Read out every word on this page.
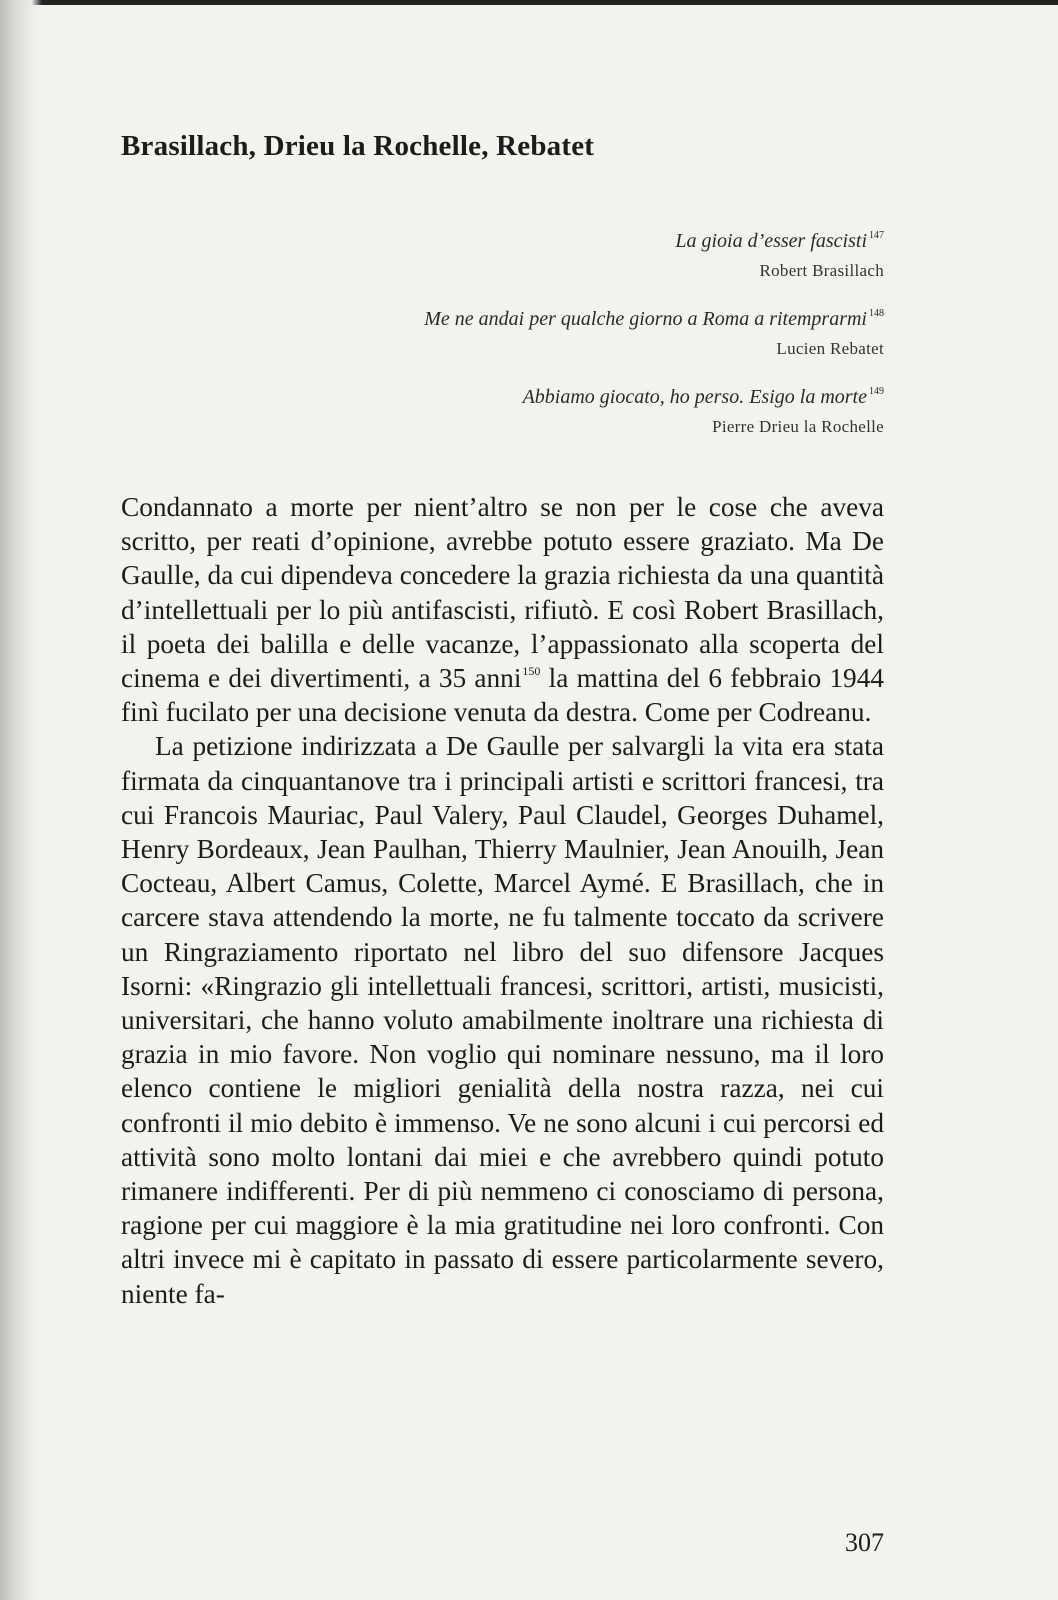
Brasillach, Drieu la Rochelle, Rebatet
La gioia d’esser fascisti $^{147}$
Robert Brasillach
Me ne andai per qualche giorno a Roma a ritemprarmi $^{148}$
Lucien Rebatet
Abbiamo giocato, ho perso. Esigo la morte $^{149}$
Pierre Drieu la Rochelle

Condannato a morte per nient’altro se non per le cose che aveva scritto, per reati d’opinione, avrebbe potuto essere graziato. Ma De Gaulle, da cui dipendeva concedere la grazia richiesta da una quantità d’intellettuali per lo più antifascisti, rifiutò. E così Robert Brasillach, il poeta dei balilla e delle vacanze, l’appassionato alla scoperta del cinema e dei divertimenti, a 35 anni$^{150}$ la mattina del 6 febbraio 1944 finì fucilato per una decisione venuta da destra. Come per Codreanu.

La petizione indirizzata a De Gaulle per salvargli la vita era stata firmata da cinquantanove tra i principali artisti e scrittori francesi, tra cui Francois Mauriac, Paul Valery, Paul Claudel, Georges Duhamel, Henry Bordeaux, Jean Paulhan, Thierry Maulnier, Jean Anouilh, Jean Cocteau, Albert Camus, Colette, Marcel Aymé. E Brasillach, che in carcere stava attendendo la morte, ne fu talmente toccato da scrivere un Ringraziamento riportato nel libro del suo difensore Jacques Isorni: «Ringrazio gli intellettuali francesi, scrittori, artisti, musicisti, universitari, che hanno voluto amabilmente inoltrare una richiesta di grazia in mio favore. Non voglio qui nominare nessuno, ma il loro elenco contiene le migliori genialità della nostra razza, nei cui confronti il mio debito è immenso. Ve ne sono alcuni i cui percorsi ed attività sono molto lontani dai miei e che avrebbero quindi potuto rimanere indifferenti. Per di più nemmeno ci conosciamo di persona, ragione per cui maggiore è la mia gratitudine nei loro confronti. Con altri invece mi è capitato in passato di essere particolarmente severo, niente fa-

307
